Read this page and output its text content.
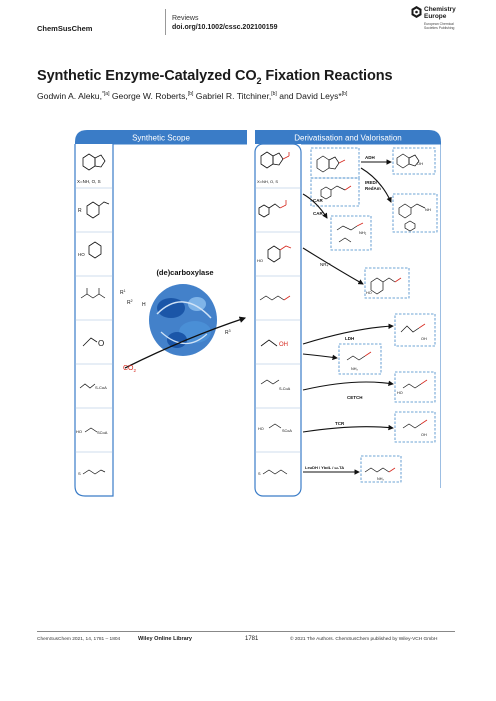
ChemSusChem
Reviews
doi.org/10.1002/cssc.202100159
Chemistry Europe
European Chemical
Societies Publishing
Synthetic Enzyme-Catalyzed $CO_2$ Fixation Reactions
Godwin A. Aleku,$^{*[a]}$ George W. Roberts,[b] Gabriel R. Titchiner,[b] and David Leys*[b]
Synthetic Scope	Derivatisation and Valorisation
X=NH, O, S
R
HO
O
S-CoA
HO	SCoA
S
(de)carboxylase
$R^1$
$R^2$
H
$R^3$
$CO_2$
X=NH, O, S
HO
OH
S-CoA
HO	SCoA
S
OH
NH
NH₂
HO
OH
NH₂
HO
OH
NH₂
ADH
IRED/
RedAm
CAR
CAR
NR₄⁺
LDH
CETCH
TCR
LeuDH / YbdL / ω-TA
ChemSusChem 2021, 14, 1781 – 1804	Wiley Online Library	1781	© 2021 The Authors. ChemSusChem published by Wiley-VCH GmbH
